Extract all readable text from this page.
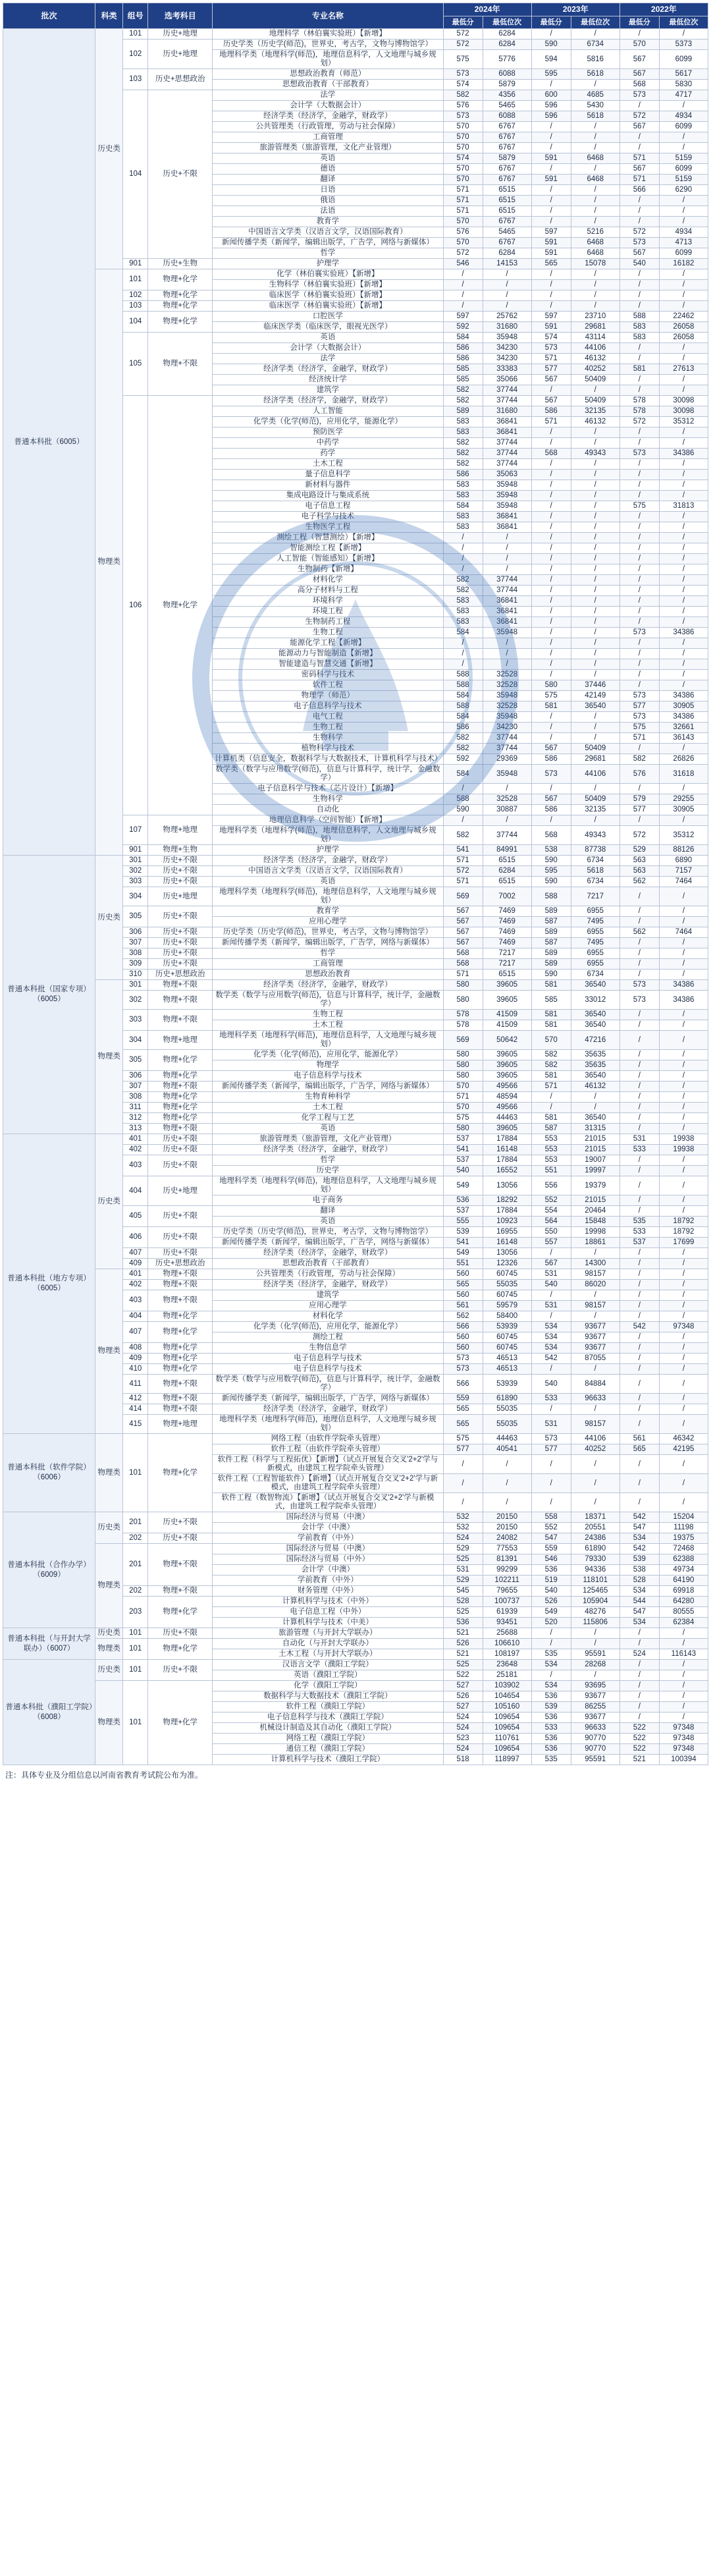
批次	科类	组号	选考科目	专业名称	2024年		2023年		2022年	
					最低分	最低位次	最低分	最低位次	最低分	最低位次
普通本科批（6005）	历史类	101	历史+地理	地理科学（林伯襄实验班）【新增】	572	6284	/	/	/	/
		102	历史+地理	历史学类（历史学(师范)，世界史，考古学，文物与博物馆学）	572	6284	590	6734	570	5373
				地理科学类（地理科学(师范)，地理信息科学，人文地理与城乡规划）	575	5776	594	5816	567	6099
		103	历史+思想政治	思想政治教育（师范）	573	6088	595	5618	567	5617
				思想政治教育（干部教育）	574	5879	/	/	568	5830
		104	历史+不限	法学	582	4356	600	4685	573	4717
				会计学（大数据会计）	576	5465	596	5430	/	/
				经济学类（经济学，金融学，财政学）	573	6088	596	5618	572	4934
				公共管理类（行政管理，劳动与社会保障）	570	6767	/	/	567	6099
				工商管理	570	6767	/	/	/	/
				旅游管理类（旅游管理，文化产业管理）	570	6767	/	/	/	/
				英语	574	5879	591	6468	571	5159
				德语	570	6767	/	/	567	6099
				翻译	570	6767	591	6468	571	5159
				日语	571	6515	/	/	566	6290
				俄语	571	6515	/	/	/	/
				法语	571	6515	/	/	/	/
				教育学	570	6767	/	/	/	/
				中国语言文学类（汉语言文学，汉语国际教育）	576	5465	597	5216	572	4934
				新闻传播学类（新闻学，编辑出版学，广告学，网络与新媒体）	570	6767	591	6468	573	4713
				哲学	572	6284	591	6468	567	6099
		901	历史+生物	护理学	546	14153	565	15078	540	16182
	物理类	101	物理+化学	化学（林伯襄实验班）【新增】	/	/	/	/	/	/
				生物科学（林伯襄实验班）【新增】	/	/	/	/	/	/
		102	物理+化学	临床医学（林伯襄实验班）【新增】	/	/	/	/	/	/
		103	物理+化学	临床医学（林伯襄实验班）【新增】	/	/	/	/	/	/
		104	物理+化学	口腔医学	597	25762	597	23710	588	22462
				临床医学类（临床医学，眼视光医学）	592	31680	591	29681	583	26058
		105	物理+不限	英语	584	35948	574	43114	583	26058
				会计学（大数据会计）	586	34230	573	44106	/	/
				法学	586	34230	571	46132	/	/
				经济学类（经济学，金融学，财政学）	585	33383	577	40252	581	27613
				经济统计学	585	35066	567	50409	/	/
				建筑学	582	37744	/	/	/	/
		106	物理+化学	经济学类（经济学，金融学，财政学）	582	37744	567	50409	578	30098
				人工智能	589	31680	586	32135	578	30098
				化学类（化学(师范)，应用化学，能源化学）	583	36841	571	46132	572	35312
				预防医学	583	36841	/	/	/	/
				中药学	582	37744	/	/	/	/
				药学	582	37744	568	49343	573	34386
				土木工程	582	37744	/	/	/	/
				量子信息科学	586	35063	/	/	/	/
				新材料与器件	583	35948	/	/	/	/
				集成电路设计与集成系统	583	35948	/	/	/	/
				电子信息工程	584	35948	/	/	575	31813
				电子科学与技术	583	36841	/	/	/	/
				生物医学工程	583	36841	/	/	/	/
				测绘工程（智慧测绘）【新增】	/	/	/	/	/	/
				智能测绘工程【新增】	/	/	/	/	/	/
				人工智能（智能感知）【新增】	/	/	/	/	/	/
				生物制药【新增】	/	/	/	/	/	/
				材料化学	582	37744	/	/	/	/
				高分子材料与工程	582	37744	/	/	/	/
				环境科学	583	36841	/	/	/	/
				环境工程	583	36841	/	/	/	/
				生物制药工程	583	36841	/	/	/	/
				生物工程	584	35948	/	/	573	34386
				能源化学工程【新增】	/	/	/	/	/	/
				能源动力与智能制造【新增】	/	/	/	/	/	/
				智能建造与智慧交通【新增】	/	/	/	/	/	/
				密码科学与技术	588	32528	/	/	/	/
				软件工程	588	32528	580	37446	/	/
				物理学（师范）	584	35948	575	42149	573	34386
				电子信息科学与技术	588	32528	581	36540	577	30905
				电气工程	584	35948	/	/	573	34386
				生物工程	586	34230	/	/	575	32661
				生物科学	582	37744	/	/	571	36143
				植物科学与技术	582	37744	567	50409	/	/
				计算机类（信息安全，数据科学与大数据技术，计算机科学与技术）	592	29369	586	29681	582	26826
				数学类（数学与应用数学(师范)，信息与计算科学，统计学，金融数学）	584	35948	573	44106	576	31618
				电子信息科学与技术（芯片设计）【新增】	/	/	/	/	/	/
				生物科学	588	32528	567	50409	579	29255
				自动化	590	30887	586	32135	577	30905
		107	物理+地理	地理信息科学（空间智能）【新增】	/	/	/	/	/	/
				地理科学类（地理科学(师范)，地理信息科学，人文地理与城乡规划）	582	37744	568	49343	572	35312
		901	物理+生物	护理学	541	84991	538	87738	529	88126
普通本科批（国家专项）（6005）	历史类	301	历史+不限	经济学类（经济学，金融学，财政学）	571	6515	590	6734	563	6890
		302	历史+不限	中国语言文学类（汉语言文学，汉语国际教育）	572	6284	595	5618	563	7157
		303	历史+不限	英语	571	6515	590	6734	562	7464
		304	历史+地理	地理科学类（地理科学(师范)，地理信息科学，人文地理与城乡规划）	569	7002	588	7217	/	/
		305	历史+不限	教育学	567	7469	589	6955	/	/
				应用心理学	567	7469	587	7495	/	/
		306	历史+不限	历史学类（历史学(师范)，世界史，考古学，文物与博物馆学）	567	7469	589	6955	562	7464
		307	历史+不限	新闻传播学类（新闻学，编辑出版学，广告学，网络与新媒体）	567	7469	587	7495	/	/
		308	历史+不限	哲学	568	7217	589	6955	/	/
		309	历史+不限	工商管理	568	7217	589	6955	/	/
		310	历史+思想政治	思想政治教育	571	6515	590	6734	/	/
	物理类	301	物理+不限	经济学类（经济学，金融学，财政学）	580	39605	581	36540	573	34386
		302	物理+不限	数学类（数学与应用数学(师范)，信息与计算科学，统计学，金融数学）	580	39605	585	33012	573	34386
		303	物理+不限	生物工程	578	41509	581	36540	/	/
				土木工程	578	41509	581	36540	/	/
		304	物理+地理	地理科学类（地理科学(师范)，地理信息科学，人文地理与城乡规划）	569	50642	570	47216	/	/
		305	物理+化学	化学类（化学(师范)，应用化学，能源化学）	580	39605	582	35635	/	/
				物理学	580	39605	582	35635	/	/
		306	物理+化学	电子信息科学与技术	580	39605	581	36540	/	/
		307	物理+不限	新闻传播学类（新闻学，编辑出版学，广告学，网络与新媒体）	570	49566	571	46132	/	/
		308	物理+化学	生物育种科学	571	48594	/	/	/	/
		311	物理+化学	土木工程	570	49566	/	/	/	/
		312	物理+化学	化学工程与工艺	575	44463	581	36540	/	/
		313	物理+不限	英语	580	39605	587	31315	/	/
普通本科批（地方专项）（6005）	历史类	401	历史+不限	旅游管理类（旅游管理，文化产业管理）	537	17884	553	21015	531	19938
		402	历史+不限	经济学类（经济学，金融学，财政学）	541	16148	553	21015	533	19938
		403	历史+不限	哲学	537	17884	553	19007	/	/
				历史学	540	16552	551	19997	/	/
		404	历史+地理	地理科学类（地理科学(师范)，地理信息科学，人文地理与城乡规划）	549	13056	556	19379	/	/
				电子商务	536	18292	552	21015	/	/
		405	历史+不限	翻译	537	17884	554	20464	/	/
				英语	555	10923	564	15848	535	18792
		406	历史+不限	历史学类（历史学(师范)，世界史，考古学，文物与博物馆学）	539	16955	550	19998	533	18792
				新闻传播学类（新闻学，编辑出版学，广告学，网络与新媒体）	541	16148	557	18861	537	17699
		407	历史+不限	经济学类（经济学，金融学，财政学）	549	13056	/	/	/	/
		409	历史+思想政治	思想政治教育（干部教育）	551	12326	567	14300	/	/
	物理类	401	物理+不限	公共管理类（行政管理，劳动与社会保障）	560	60745	531	98157	/	/
		402	物理+不限	经济学类（经济学，金融学，财政学）	565	55035	540	86020	/	/
		403	物理+不限	建筑学	560	60745	/	/	/	/
				应用心理学	561	59579	531	98157	/	/
		404	物理+化学	材料化学	562	58400	/	/	/	/
		407	物理+化学	化学类（化学(师范)，应用化学，能源化学）	566	53939	534	93677	542	97348
				测绘工程	560	60745	534	93677	/	/
		408	物理+化学	生物信息学	560	60745	534	93677	/	/
		409	物理+化学	电子信息科学与技术	573	46513	542	87055	/	/
		410	物理+化学	电子信息科学与技术	573	46513	/	/	/	/
		411	物理+不限	数学类（数学与应用数学(师范)，信息与计算科学，统计学，金融数学）	566	53939	540	84884	/	/
		412	物理+不限	新闻传播学类（新闻学，编辑出版学，广告学，网络与新媒体）	559	61890	533	96633	/	/
		414	物理+不限	经济学类（经济学，金融学，财政学）	565	55035	/	/	/	/
		415	物理+地理	地理科学类（地理科学(师范)，地理信息科学，人文地理与城乡规划）	565	55035	531	98157	/	/
普通本科批（软件学院）（6006）	物理类	101	物理+化学	网络工程（由软件学院牵头管理）	575	44463	573	44106	561	46342
				软件工程（由软件学院牵头管理）	577	40541	577	40252	565	42195
				软件工程（科学与工程拓优）【新增】（试点开展复合交叉'2+2'学与新模式，由建筑工程学院牵头管理）	/	/	/	/	/	/
				软件工程（工程智能软件）【新增】（试点开展复合交叉'2+2'学与新模式，由建筑工程学院牵头管理）	/	/	/	/	/	/
				软件工程（数智物流）【新增】（试点开展复合交叉'2+2'学与新模式，由建筑工程学院牵头管理）	/	/	/	/	/	/
普通本科批（合作办学）（6009）	历史类	201	历史+不限	国际经济与贸易（中澳）	532	20150	558	18371	542	15204
				会计学（中澳）	532	20150	552	20551	547	11198
		202	历史+不限	学前教育（中外）	524	24082	547	24386	534	19375
	物理类	201	物理+不限	国际经济与贸易（中澳）	529	77553	559	61890	542	72468
				国际经济与贸易（中外）	525	81391	546	79330	539	62388
				会计学（中澳）	531	99299	536	94336	538	49734
				学前教育（中外）	529	102211	519	118101	528	64190
		202	物理+不限	财务管理（中外）	545	79655	540	125465	534	69918
		203	物理+化学	计算机科学与技术（中外）	528	100737	526	105904	544	64280
				电子信息工程（中外）	525	61939	549	48276	547	80555
				计算机科学与技术（中美）	536	93451	520	115806	534	62384
普通本科批（与开封大学联办）（6007）	历史类	101	历史+不限	旅游管理（与开封大学联办）	521	25688	/	/	/	/
	物理类	101	物理+化学	自动化（与开封大学联办）	526	106610	/	/	/	/
				土木工程（与开封大学联办）	521	108197	535	95591	524	116143
普通本科批（濮阳工学院）（6008）	历史类	101	历史+不限	汉语言文学（濮阳工学院）	525	23648	534	28268	/	/
				英语（濮阳工学院）	522	25181	/	/	/	/
	物理类	101	物理+化学	化学（濮阳工学院）	527	103902	534	93695	/	/
				数据科学与大数据技术（濮阳工学院）	526	104654	536	93677	/	/
				软件工程（濮阳工学院）	527	105160	539	86255	/	/
				电子信息科学与技术（濮阳工学院）	524	109654	536	93677	/	/
				机械设计制造及其自动化（濮阳工学院）	524	109654	533	96633	522	97348
				网络工程（濮阳工学院）	523	110761	536	90770	522	97348
				通信工程（濮阳工学院）	524	109654	536	90770	522	97348
				计算机科学与技术（濮阳工学院）	518	118997	535	95591	521	100394
注：具体专业及分组信息以河南省教育考试院公布为准。
